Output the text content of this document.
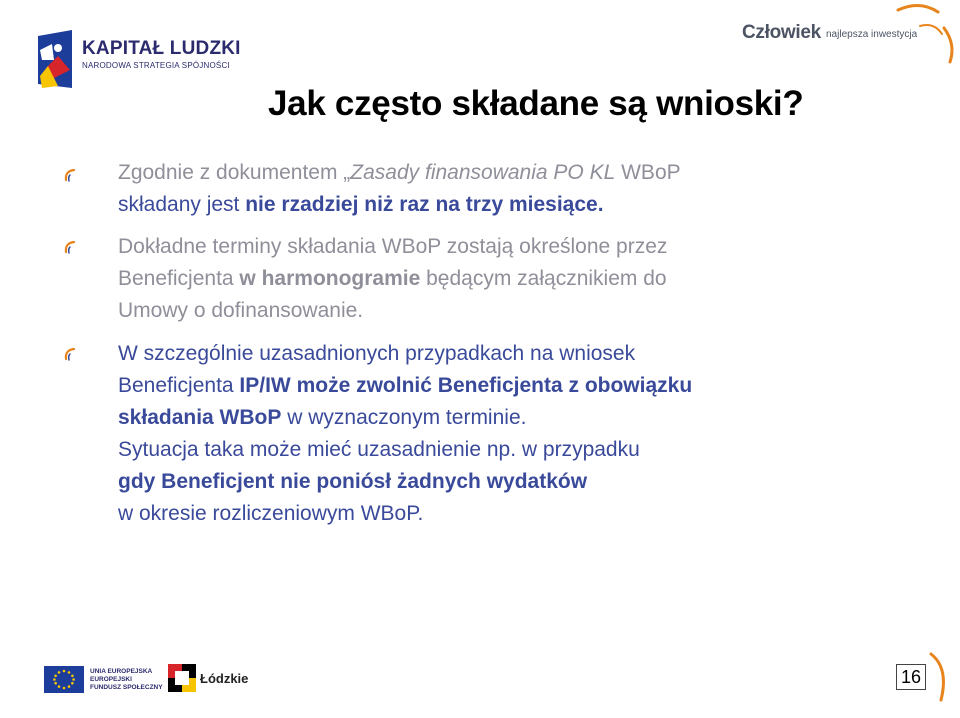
KAPITAŁ LUDZKI
NARODOWA STRATEGIA SPÓJNOŚCI
Człowiek najlepsza inwestycja
Jak często składane są wnioski?
Zgodnie z dokumentem „Zasady finansowania PO KL WBoP
składany jest nie rzadziej niż raz na trzy miesiące.
Dokładne terminy składania WBoP zostają określone przez
Beneficjenta w harmonogramie będącym załącznikiem do
Umowy o dofinansowanie.
W szczególnie uzasadnionych przypadkach na wniosek
Beneficjenta IP/IW może zwolnić Beneficjenta z obowiązku
składania WBoP w wyznaczonym terminie.
Sytuacja taka może mieć uzasadnienie np. w przypadku
gdy Beneficjent nie poniósł żadnych wydatków
w okresie rozliczeniowym WBoP.
UNIA EUROPEJSKA
EUROPEJSKI
FUNDUSZ SPOŁECZNY
Łódzkie	16
